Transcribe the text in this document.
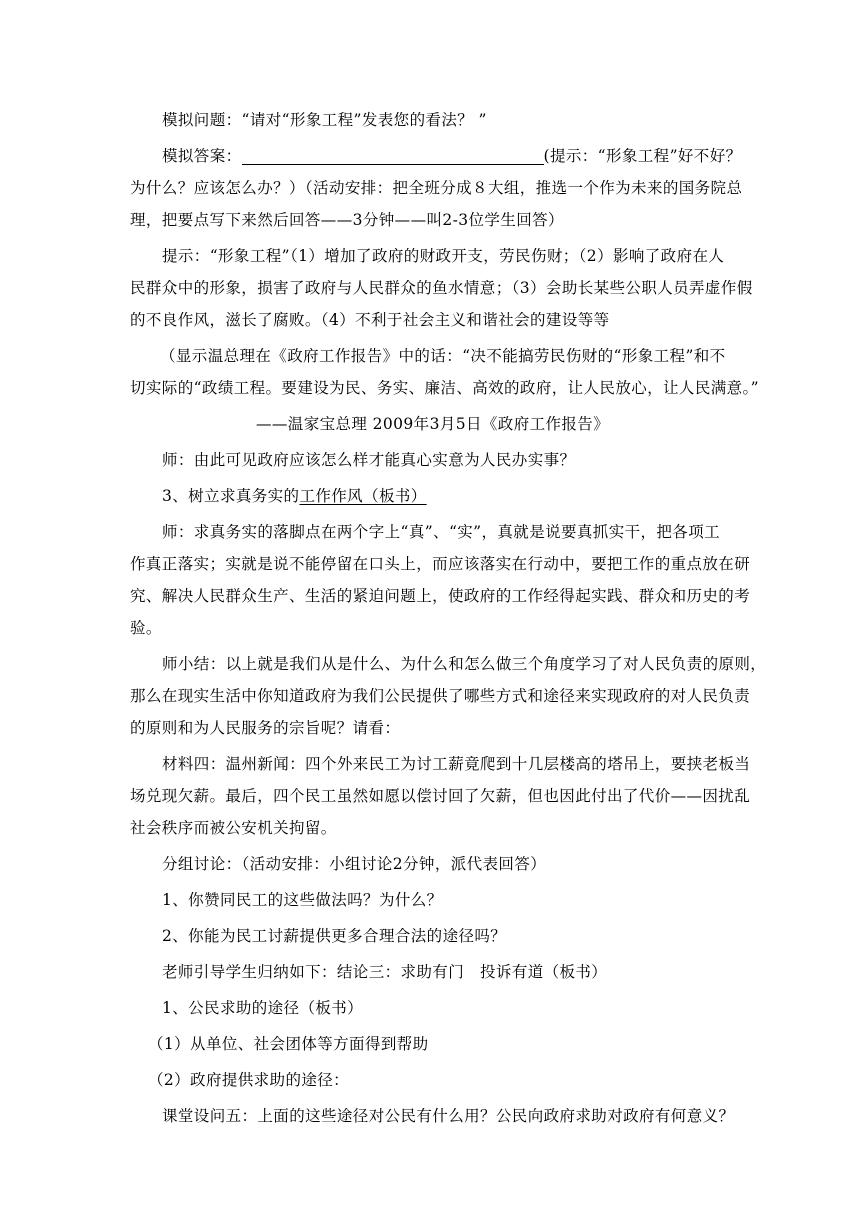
模拟问题：“请对“形象工程”发表您的看法？ ”
模拟答案：	(提示：“形象工程”好不好？
为什么？应该怎么办？）（活动安排：把全班分成８大组，推选一个作为未来的国务院总
理，把要点写下来然后回答——3分钟——叫2-3位学生回答）
提示：“形象工程”（1）增加了政府的财政开支，劳民伤财；（2）影响了政府在人
民群众中的形象，损害了政府与人民群众的鱼水情意；（3）会助长某些公职人员弄虚作假
的不良作风，滋长了腐败。（4）不利于社会主义和谐社会的建设等等
（显示温总理在《政府工作报告》中的话：“决不能搞劳民伤财的“形象工程”和不
切实际的“政绩工程。要建设为民、务实、廉洁、高效的政府，让人民放心，让人民满意。”
——温家宝总理 2009年3月5日《政府工作报告》
师：由此可见政府应该怎么样才能真心实意为人民办实事？
3、树立求真务实的工作作风（板书）
师：求真务实的落脚点在两个字上“真”、“实”，真就是说要真抓实干，把各项工
作真正落实；实就是说不能停留在口头上，而应该落实在行动中，要把工作的重点放在研
究、解决人民群众生产、生活的紧迫问题上，使政府的工作经得起实践、群众和历史的考
验。
师小结：以上就是我们从是什么、为什么和怎么做三个角度学习了对人民负责的原则，
那么在现实生活中你知道政府为我们公民提供了哪些方式和途径来实现政府的对人民负责
的原则和为人民服务的宗旨呢？请看：
材料四：温州新闻：四个外来民工为讨工薪竟爬到十几层楼高的塔吊上，要挟老板当
场兑现欠薪。最后，四个民工虽然如愿以偿讨回了欠薪，但也因此付出了代价——因扰乱
社会秩序而被公安机关拘留。
分组讨论：（活动安排：小组讨论2分钟，派代表回答）
1、你赞同民工的这些做法吗？为什么？
2、你能为民工讨薪提供更多合理合法的途径吗？
老师引导学生归纳如下：结论三：求助有门　投诉有道（板书）
1、公民求助的途径（板书）
（1）从单位、社会团体等方面得到帮助
（2）政府提供求助的途径：
课堂设问五：上面的这些途径对公民有什么用？公民向政府求助对政府有何意义？
